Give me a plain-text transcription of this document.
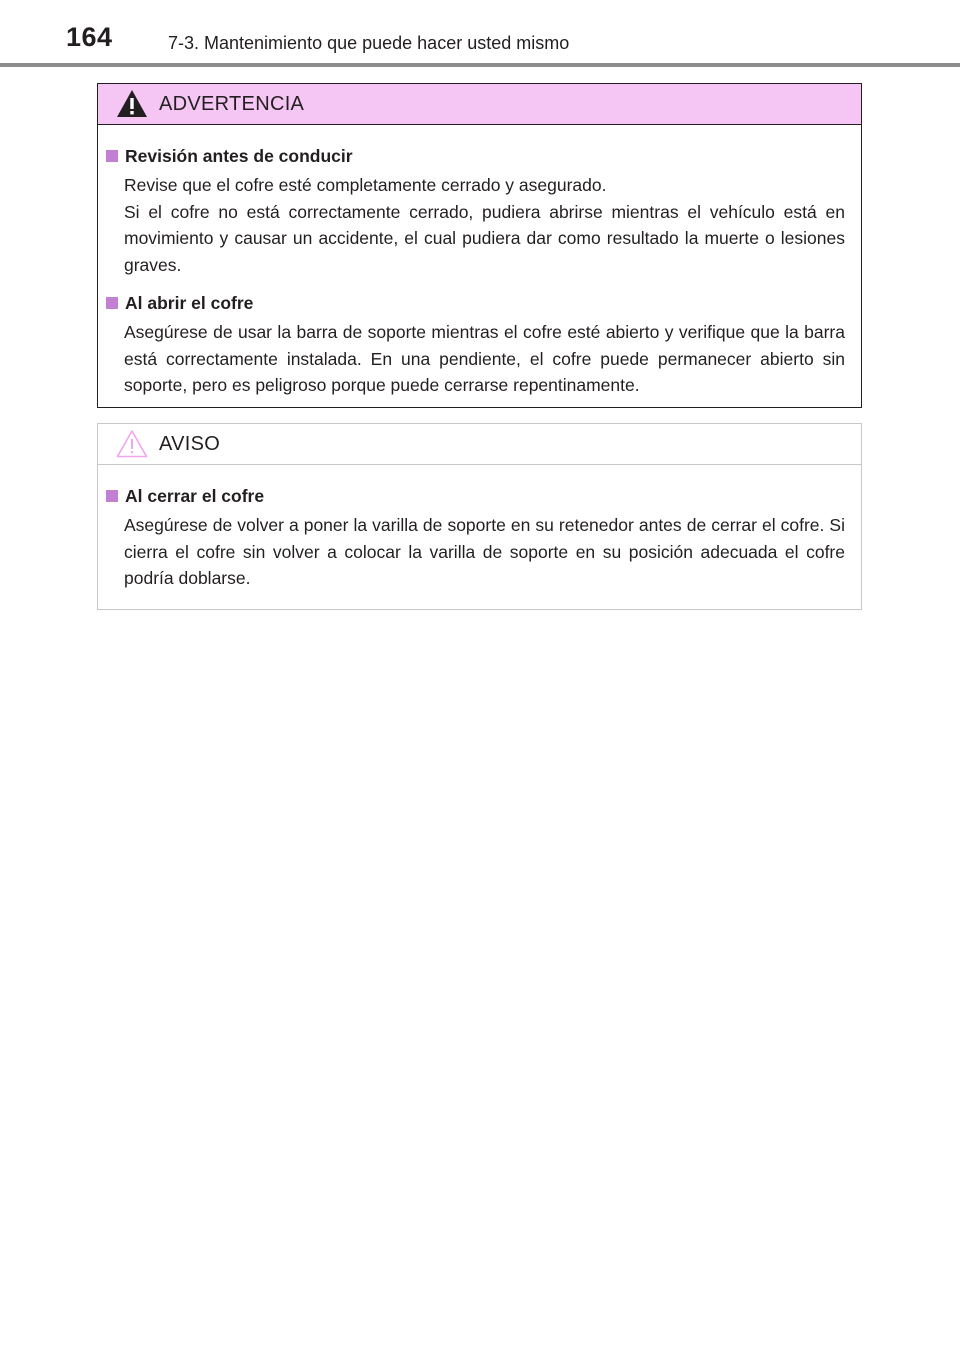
164	7-3. Mantenimiento que puede hacer usted mismo
ADVERTENCIA
Revisión antes de conducir

Revise que el cofre esté completamente cerrado y asegurado.

Si el cofre no está correctamente cerrado, pudiera abrirse mientras el vehículo está en movimiento y causar un accidente, el cual pudiera dar como resultado la muerte o lesiones graves.

Al abrir el cofre

Asegúrese de usar la barra de soporte mientras el cofre esté abierto y verifique que la barra está correctamente instalada. En una pendiente, el cofre puede permanecer abierto sin soporte, pero es peligroso porque puede cerrarse repentinamente.

AVISO
Al cerrar el cofre

Asegúrese de volver a poner la varilla de soporte en su retenedor antes de cerrar el cofre. Si cierra el cofre sin volver a colocar la varilla de soporte en su posición adecuada el cofre podría doblarse.
